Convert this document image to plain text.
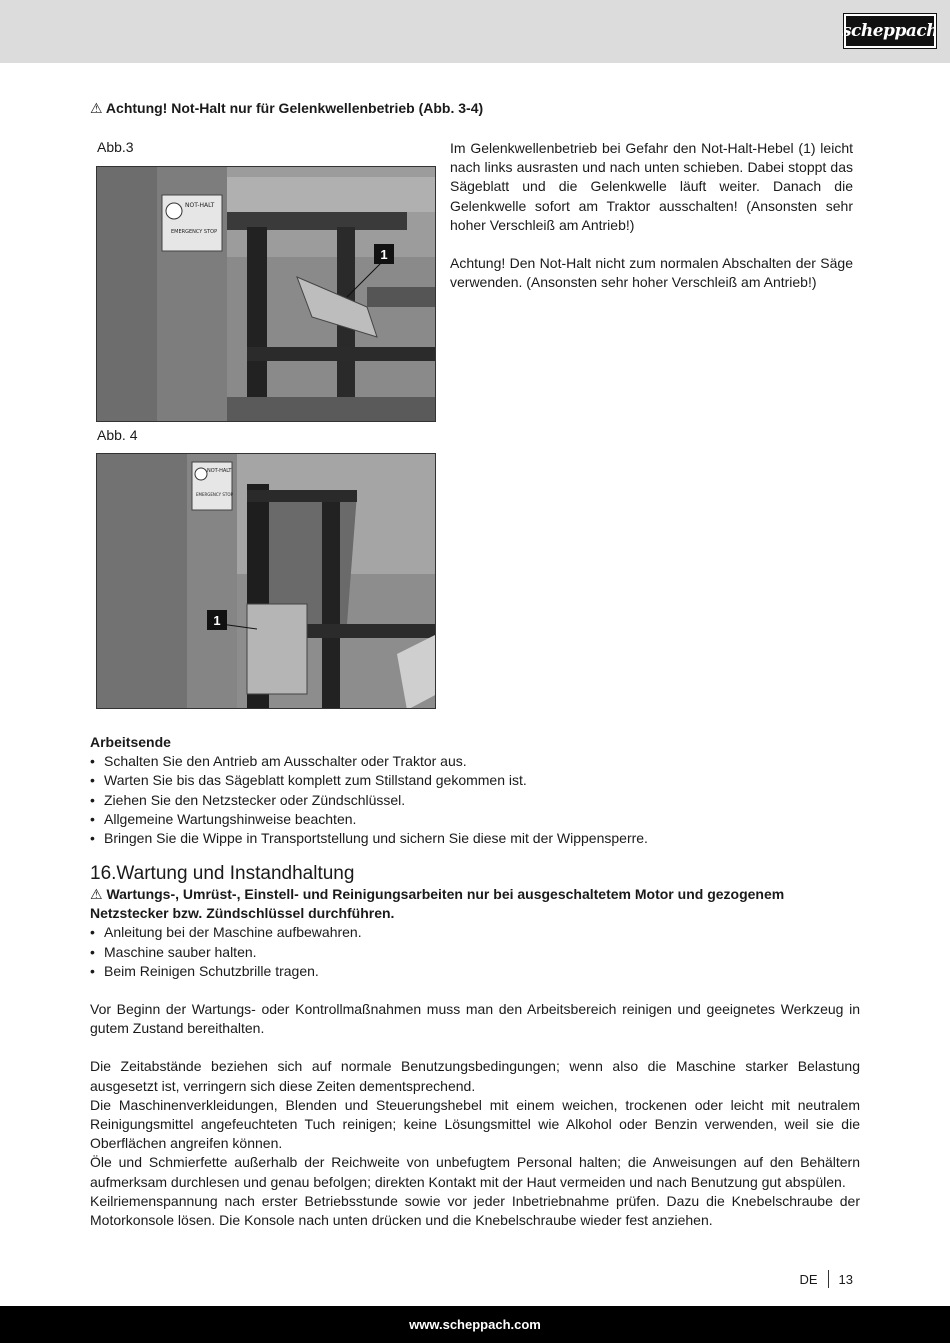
scheppach
⚠ Achtung! Not-Halt nur für Gelenkwellenbetrieb (Abb. 3-4)
Abb.3
NOT-HALT
EMERGENCY STOP
1
Abb. 4
NOT-HALT
EMERGENCY STOP
1

Im Gelenkwellenbetrieb bei Gefahr den Not-Halt-Hebel (1) leicht nach links ausrasten und nach unten schieben. Dabei stoppt das Sägeblatt und die Gelenkwelle läuft weiter. Danach die Gelenkwelle sofort am Traktor ausschalten! (Ansonsten sehr hoher Verschleiß am Antrieb!)

Achtung! Den Not-Halt nicht zum normalen Abschalten der Säge verwenden. (Ansonsten sehr hoher Verschleiß am Antrieb!)

Arbeitsende
• Schalten Sie den Antrieb am Ausschalter oder Traktor aus.
• Warten Sie bis das Sägeblatt komplett zum Stillstand gekommen ist.
• Ziehen Sie den Netzstecker oder Zündschlüssel.
• Allgemeine Wartungshinweise beachten.
• Bringen Sie die Wippe in Transportstellung und sichern Sie diese mit der Wippensperre.
16.Wartung und Instandhaltung
⚠ Wartungs-, Umrüst-, Einstell- und Reinigungsarbeiten nur bei ausgeschaltetem Motor und gezogenem Netzstecker bzw. Zündschlüssel durchführen.
• Anleitung bei der Maschine aufbewahren.
• Maschine sauber halten.
• Beim Reinigen Schutzbrille tragen.

Vor Beginn der Wartungs- oder Kontrollmaßnahmen muss man den Arbeitsbereich reinigen und geeignetes Werkzeug in gutem Zustand bereithalten.

Die Zeitabstände beziehen sich auf normale Benutzungsbedingungen; wenn also die Maschine starker Belastung ausgesetzt ist, verringern sich diese Zeiten dementsprechend.

Die Maschinenverkleidungen, Blenden und Steuerungshebel mit einem weichen, trockenen oder leicht mit neutralem Reinigungsmittel angefeuchteten Tuch reinigen; keine Lösungsmittel wie Alkohol oder Benzin verwenden, weil sie die Oberflächen angreifen können.

Öle und Schmierfette außerhalb der Reichweite von unbefugtem Personal halten; die Anweisungen auf den Behältern aufmerksam durchlesen und genau befolgen; direkten Kontakt mit der Haut vermeiden und nach Benutzung gut abspülen.

Keilriemenspannung nach erster Betriebsstunde sowie vor jeder Inbetriebnahme prüfen. Dazu die Knebelschraube der Motorkonsole lösen. Die Konsole nach unten drücken und die Knebelschraube wieder fest anziehen.

DE 13
www.scheppach.com
